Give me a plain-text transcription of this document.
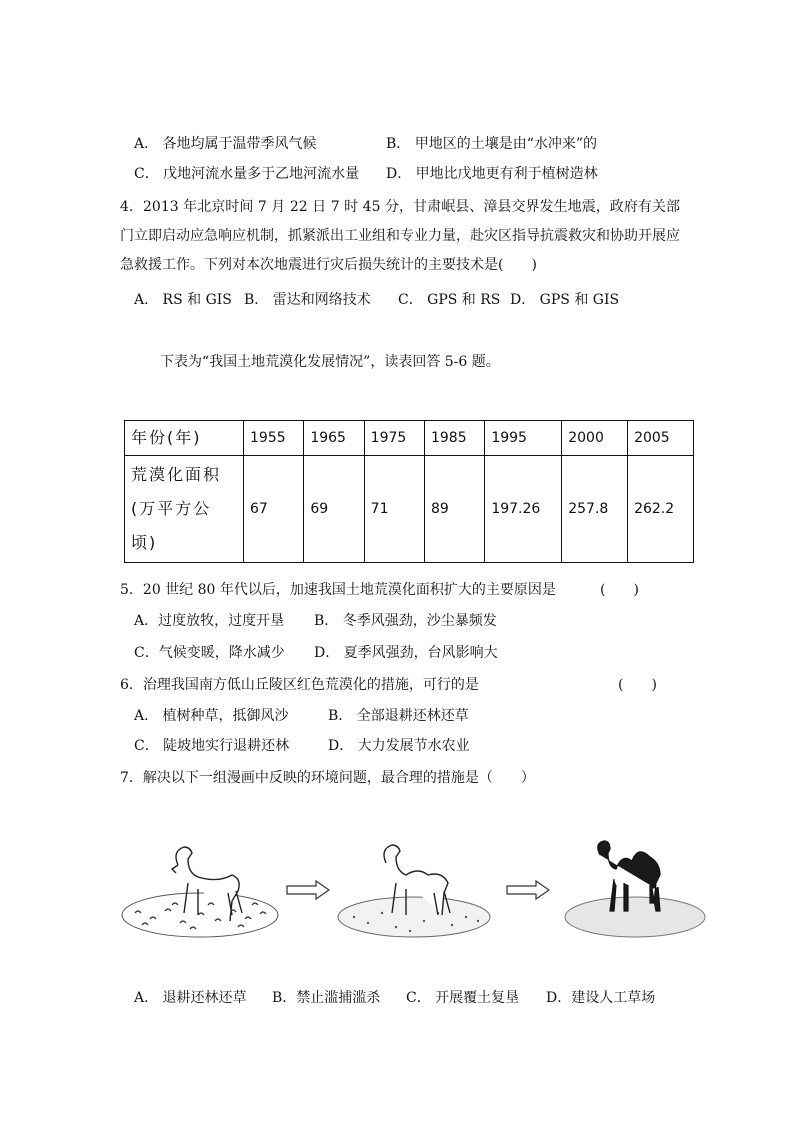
A． 各地均属于温带季风气候	B． 甲地区的土壤是由“水冲来”的
C． 戊地河流水量多于乙地河流水量 D． 甲地比戊地更有利于植树造林
4．2013 年北京时间 7 月 22 日 7 时 45 分，甘肃岷县、漳县交界发生地震，政府有关部门立即启动应急响应机制，抓紧派出工业组和专业力量，赴灾区指导抗震救灾和协助开展应急救援工作。下列对本次地震进行灾后损失统计的主要技术是(　　)
A． RS 和 GIS B． 雷达和网络技术 C． GPS 和 RS D． GPS 和 GIS
下表为“我国土地荒漠化发展情况”，读表回答 5-6 题。
年份(年)	1955	1965	1975	1985	1995	2000	2005
荒漠化面积(万平方公顷)	67	69	71	89	197.26	257.8	262.2
5．20 世纪 80 年代以后，加速我国土地荒漠化面积扩大的主要原因是	(　　)
A．过度放牧，过度开垦 B． 冬季风强劲，沙尘暴频发
C．气候变暖，降水减少 D． 夏季风强劲，台风影响大
6．治理我国南方低山丘陵区红色荒漠化的措施，可行的是	(　　)
A． 植树种草，抵御风沙	B． 全部退耕还林还草
C． 陡坡地实行退耕还林	D． 大力发展节水农业
7．解决以下一组漫画中反映的环境问题，最合理的措施是（　　）
A． 退耕还林还草 B．禁止滥捕滥杀 C． 开展覆土复垦 D．建设人工草场
